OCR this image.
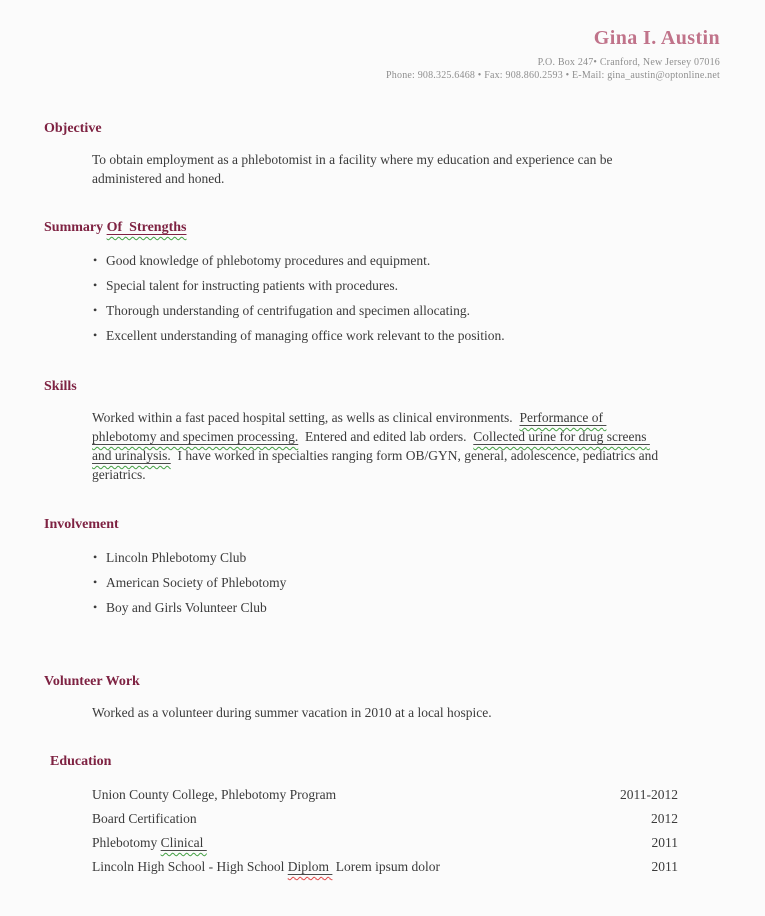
Gina I. Austin
P.O. Box 247• Cranford, New Jersey 07016
Phone: 908.325.6468 • Fax: 908.860.2593 • E-Mail: gina_austin@optonline.net
Objective

To obtain employment as a phlebotomist in a facility where my education and experience can be administered and honed.

Summary Of  Strengths
• Good knowledge of phlebotomy procedures and equipment.
• Special talent for instructing patients with procedures.
• Thorough understanding of centrifugation and specimen allocating.
• Excellent understanding of managing office work relevant to the position.
Skills

Worked within a fast paced hospital setting, as wells as clinical environments.  Performance of phlebotomy and specimen processing.  Entered and edited lab orders.  Collected urine for drug screens and urinalysis.  I have worked in specialties ranging form OB/GYN, general, adolescence, pediatrics and geriatrics.

Involvement
• Lincoln Phlebotomy Club
• American Society of Phlebotomy
• Boy and Girls Volunteer Club
Volunteer Work

Worked as a volunteer during summer vacation in 2010 at a local hospice.

Education
Union County College, Phlebotomy Program	2011-2012
Board Certification	2012
Phlebotomy Clinical	2011
Lincoln High School - High School Diplom  Lorem ipsum dolor	2011
